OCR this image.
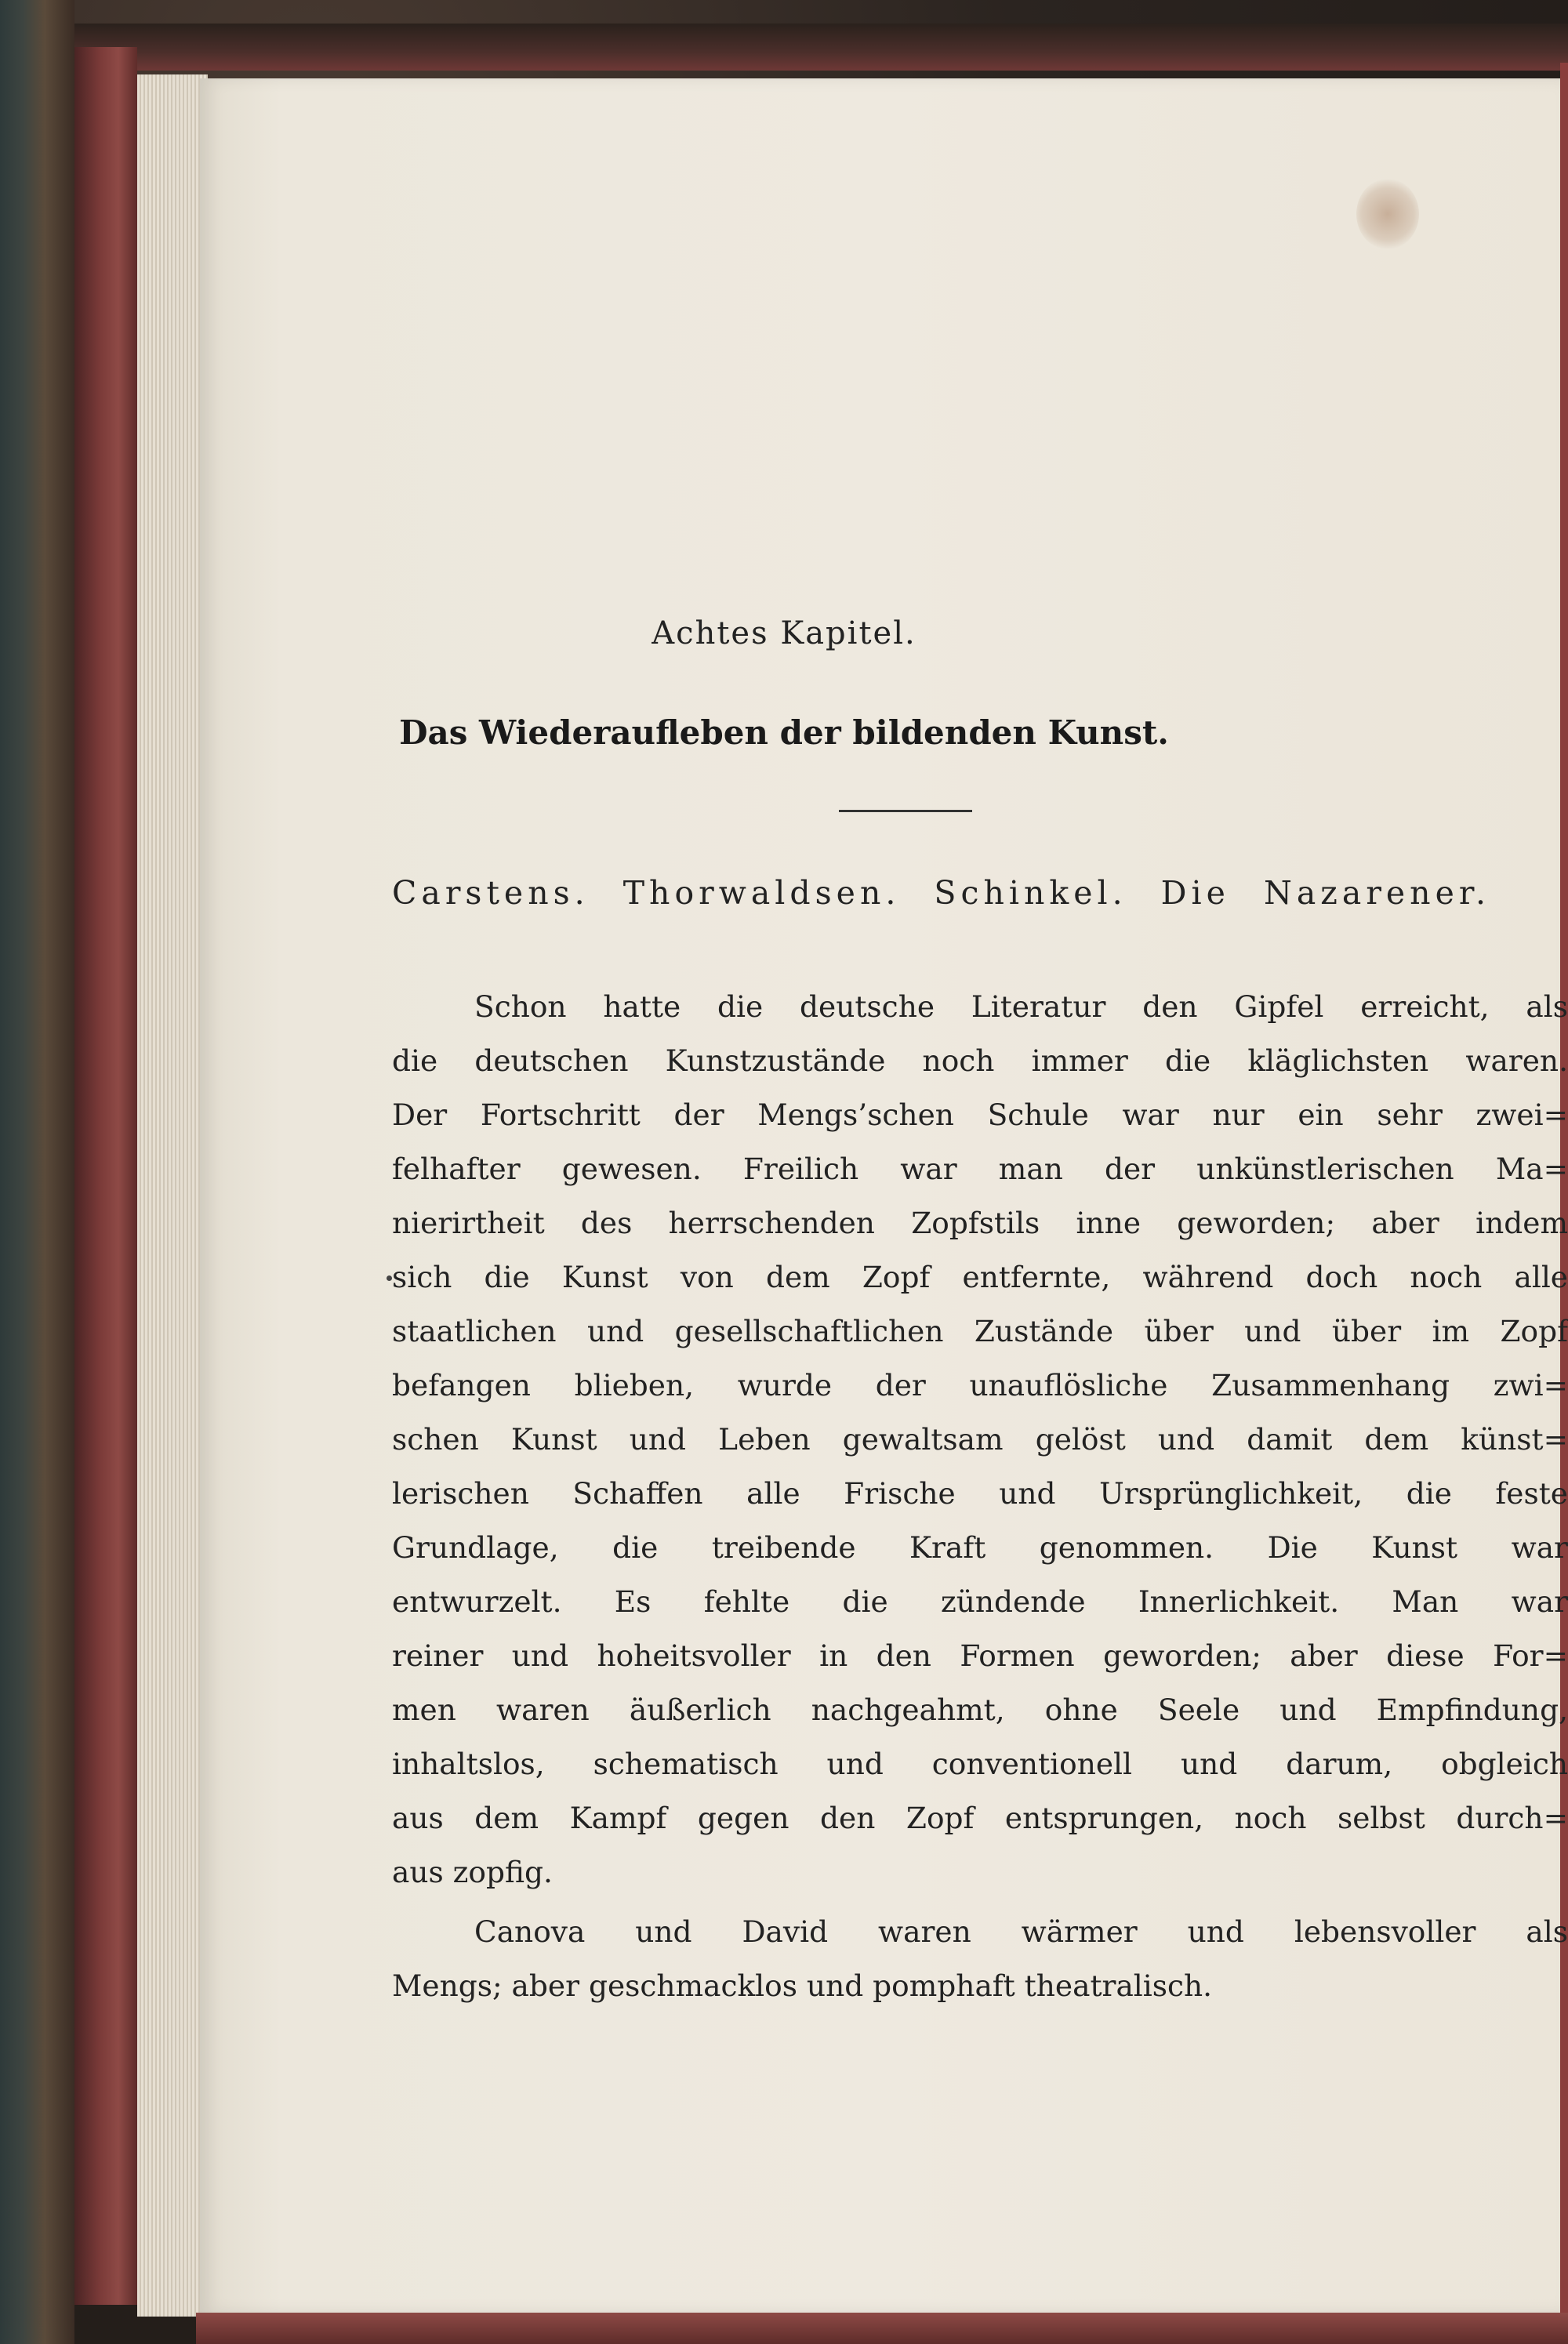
Achtes Kapitel.
Das Wiederaufleben der bildenden Kunst.
Carstens. Thorwaldsen. Schinkel. Die Nazarener.
Schon hatte die deutsche Literatur den Gipfel erreicht, als
die deutschen Kunstzustände noch immer die kläglichsten waren.
Der Fortschritt der Mengs’schen Schule war nur ein sehr zwei=
felhafter gewesen. Freilich war man der unkünstlerischen Ma=
nierirtheit des herrschenden Zopfstils inne geworden; aber indem
sich die Kunst von dem Zopf entfernte, während doch noch alle
staatlichen und gesellschaftlichen Zustände über und über im Zopf
befangen blieben, wurde der unauflösliche Zusammenhang zwi=
schen Kunst und Leben gewaltsam gelöst und damit dem künst=
lerischen Schaffen alle Frische und Ursprünglichkeit, die feste
Grundlage, die treibende Kraft genommen. Die Kunst war
entwurzelt. Es fehlte die zündende Innerlichkeit. Man war
reiner und hoheitsvoller in den Formen geworden; aber diese For=
men waren äußerlich nachgeahmt, ohne Seele und Empfindung,
inhaltslos, schematisch und conventionell und darum, obgleich
aus dem Kampf gegen den Zopf entsprungen, noch selbst durch=
aus zopfig.
Canova und David waren wärmer und lebensvoller als
Mengs; aber geschmacklos und pomphaft theatralisch.
